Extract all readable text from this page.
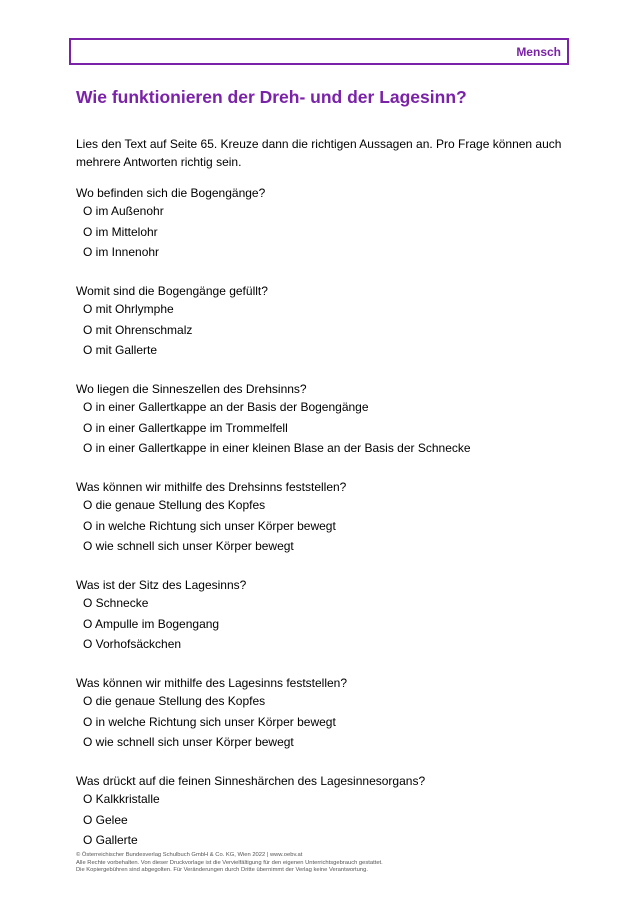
Mensch
Wie funktionieren der Dreh- und der Lagesinn?
Lies den Text auf Seite 65. Kreuze dann die richtigen Aussagen an. Pro Frage können auch mehrere Antworten richtig sein.
Wo befinden sich die Bogengänge?
O im Außenohr
O im Mittelohr
O im Innenohr
Womit sind die Bogengänge gefüllt?
O mit Ohrlymphe
O mit Ohrenschmalz
O mit Gallerte
Wo liegen die Sinneszellen des Drehsinns?
O in einer Gallertkappe an der Basis der Bogengänge
O in einer Gallertkappe im Trommelfell
O in einer Gallertkappe in einer kleinen Blase an der Basis der Schnecke
Was können wir mithilfe des Drehsinns feststellen?
O die genaue Stellung des Kopfes
O in welche Richtung sich unser Körper bewegt
O wie schnell sich unser Körper bewegt
Was ist der Sitz des Lagesinns?
O Schnecke
O Ampulle im Bogengang
O Vorhofsäckchen
Was können wir mithilfe des Lagesinns feststellen?
O die genaue Stellung des Kopfes
O in welche Richtung sich unser Körper bewegt
O wie schnell sich unser Körper bewegt
Was drückt auf die feinen Sinneshärchen des Lagesinnesorgans?
O Kalkkristalle
O Gelee
O Gallerte
© Österreichischer Bundesverlag Schulbuch GmbH & Co. KG, Wien 2022 | www.oebv.at
Alle Rechte vorbehalten. Von dieser Druckvorlage ist die Vervielfältigung für den eigenen Unterrichtsgebrauch gestattet.
Die Kopiergebühren sind abgegolten. Für Veränderungen durch Dritte übernimmt der Verlag keine Verantwortung.
